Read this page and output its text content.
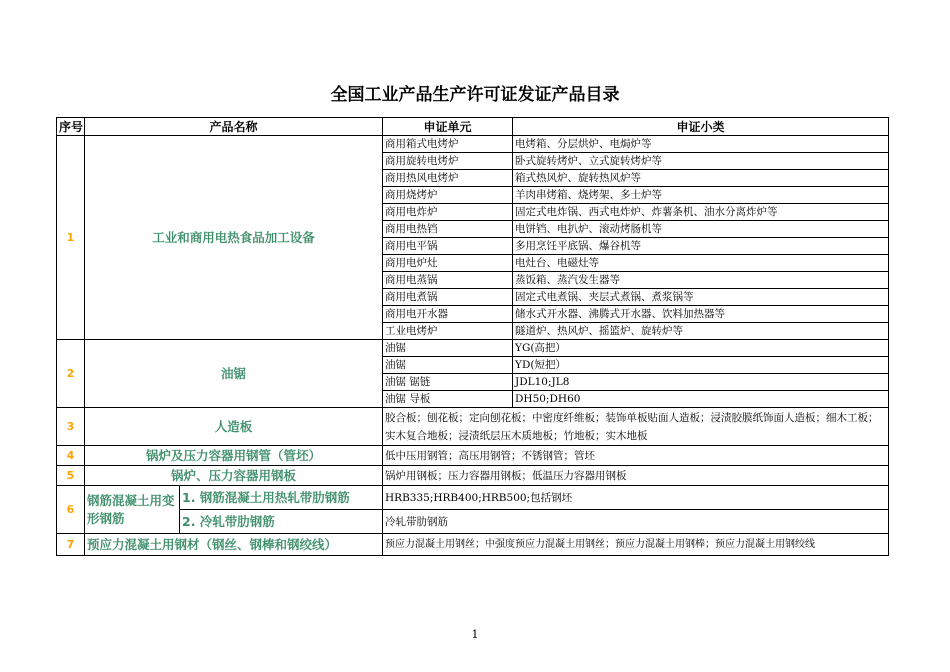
全国工业产品生产许可证发证产品目录
序号	产品名称		申证单元	申证小类
1	工业和商用电热食品加工设备		商用箱式电烤炉	电烤箱、分层烘炉、电焗炉等
			商用旋转电烤炉	卧式旋转烤炉、立式旋转烤炉等
			商用热风电烤炉	箱式热风炉、旋转热风炉等
			商用烧烤炉	羊肉串烤箱、烧烤架、多士炉等
			商用电炸炉	固定式电炸锅、西式电炸炉、炸薯条机、油水分离炸炉等
			商用电热铛	电饼铛、电扒炉、滚动烤肠机等
			商用电平锅	多用烹饪平底锅、爆谷机等
			商用电炉灶	电灶台、电磁灶等
			商用电蒸锅	蒸饭箱、蒸汽发生器等
			商用电煮锅	固定式电煮锅、夹层式煮锅、煮浆锅等
			商用电开水器	储水式开水器、沸腾式开水器、饮料加热器等
			工业电烤炉	隧道炉、热风炉、摇篮炉、旋转炉等
2	油锯		油锯	YG(高把）
			油锯	YD(短把）
			油锯 锯链	JDL10;JL8
			油锯 导板	DH50;DH60
3	人造板		胶合板；刨花板；定向刨花板；中密度纤维板；装饰单板贴面人造板；浸渍胶膜纸饰面人造板；细木工板；实木复合地板；浸渍纸层压木质地板；竹地板；实木地板	
4	锅炉及压力容器用钢管（管坯）		低中压用钢管；高压用钢管；不锈钢管；管坯	
5	锅炉、压力容器用钢板		锅炉用钢板；压力容器用钢板；低温压力容器用钢板	
6	钢筋混凝土用变形钢筋	1. 钢筋混凝土用热轧带肋钢筋	HRB335;HRB400;HRB500;包括钢坯	
		2. 冷轧带肋钢筋	冷轧带肋钢筋	
7	预应力混凝土用钢材（钢丝、钢棒和钢绞线）		预应力混凝土用钢丝；中强度预应力混凝土用钢丝；预应力混凝土用钢棒；预应力混凝土用钢绞线	
1
